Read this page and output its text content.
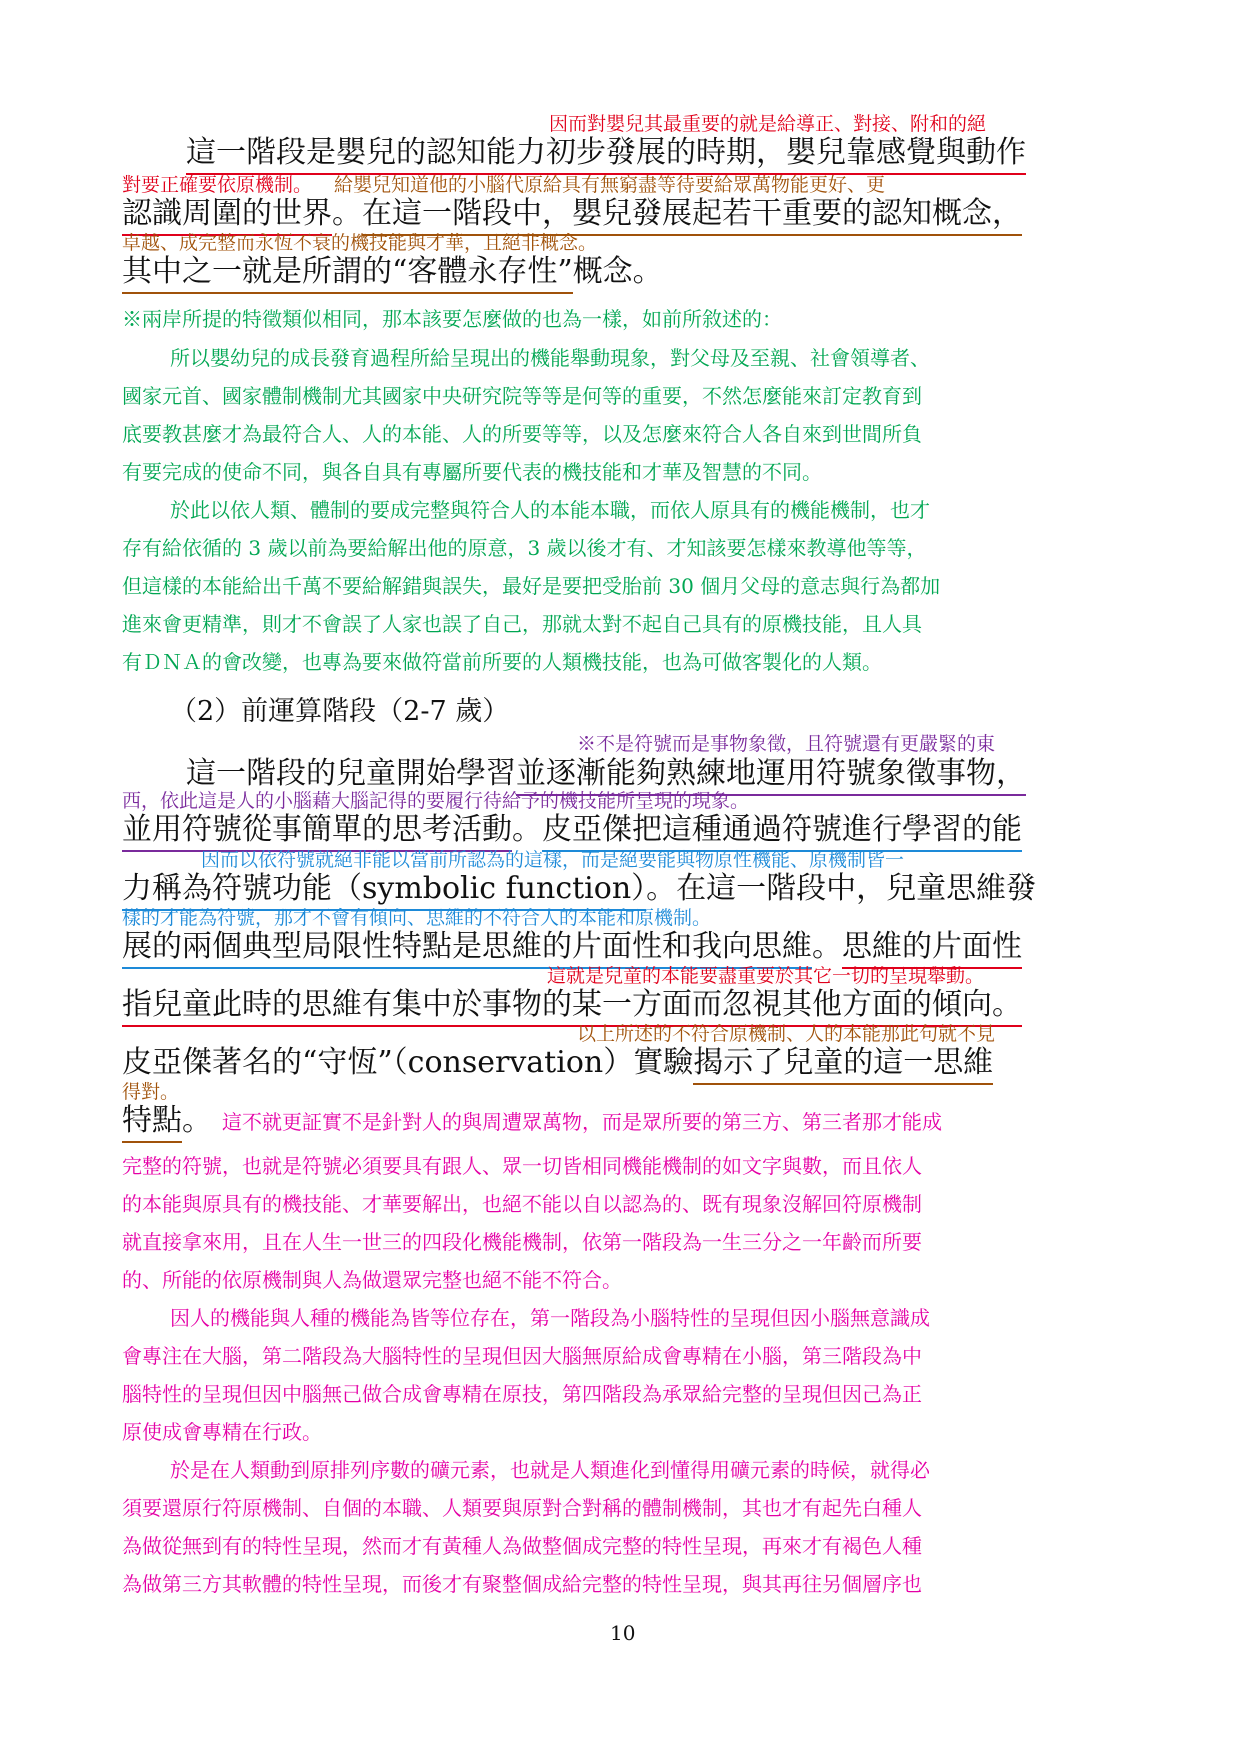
因而對嬰兒其最重要的就是給導正、對接、附和的絕
這一階段是嬰兒的認知能力初步發展的時期，嬰兒靠感覺與動作
對要正確要依原機制。 給嬰兒知道他的小腦代原給具有無窮盡等待要給眾萬物能更好、更
認識周圍的世界。在這一階段中，嬰兒發展起若干重要的認知概念，
卓越、成完整而永恆不衰的機技能與才華，且絕非概念。
其中之一就是所謂的“客體永存性”概念。
※兩岸所提的特徵類似相同，那本該要怎麼做的也為一樣，如前所敘述的：
所以嬰幼兒的成長發育過程所給呈現出的機能舉動現象，對父母及至親、社會領導者、
國家元首、國家體制機制尤其國家中央研究院等等是何等的重要，不然怎麼能來訂定教育到
底要教甚麼才為最符合人、人的本能、人的所要等等，以及怎麼來符合人各自來到世間所負
有要完成的使命不同，與各自具有專屬所要代表的機技能和才華及智慧的不同。
於此以依人類、體制的要成完整與符合人的本能本職，而依人原具有的機能機制，也才
存有給依循的 3 歲以前為要給解出他的原意，3 歲以後才有、才知該要怎樣來教導他等等，
但這樣的本能給出千萬不要給解錯與誤失，最好是要把受胎前 30 個月父母的意志與行為都加
進來會更精準，則才不會誤了人家也誤了自己，那就太對不起自己具有的原機技能，且人具
有ＤＮＡ的會改變，也專為要來做符當前所要的人類機技能，也為可做客製化的人類。
（2）前運算階段（2-7 歲）
※不是符號而是事物象徵，且符號還有更嚴緊的東
這一階段的兒童開始學習並逐漸能夠熟練地運用符號象徵事物，
西，依此這是人的小腦藉大腦記得的要履行待給予的機技能所呈現的現象。
並用符號從事簡單的思考活動。皮亞傑把這種通過符號進行學習的能
因而以依符號就絕非能以當前所認為的這樣，而是絕要能與物原性機能、原機制皆一
力稱為符號功能（symbolic function）。在這一階段中，兒童思維發
樣的才能為符號，那才不會有傾向、思維的不符合人的本能和原機制。
展的兩個典型局限性特點是思維的片面性和我向思維。思維的片面性
這就是兒童的本能要盡重要於其它一切的呈現舉動。
指兒童此時的思維有集中於事物的某一方面而忽視其他方面的傾向。
以上所述的不符合原機制、人的本能那此句就不見
皮亞傑著名的“守恆”（conservation）實驗揭示了兒童的這一思維
得對。
特點。 這不就更証實不是針對人的與周遭眾萬物，而是眾所要的第三方、第三者那才能成
完整的符號，也就是符號必須要具有跟人、眾一切皆相同機能機制的如文字與數，而且依人
的本能與原具有的機技能、才華要解出，也絕不能以自以認為的、既有現象沒解回符原機制
就直接拿來用，且在人生一世三的四段化機能機制，依第一階段為一生三分之一年齡而所要
的、所能的依原機制與人為做還眾完整也絕不能不符合。
因人的機能與人種的機能為皆等位存在，第一階段為小腦特性的呈現但因小腦無意識成
會專注在大腦，第二階段為大腦特性的呈現但因大腦無原給成會專精在小腦，第三階段為中
腦特性的呈現但因中腦無己做合成會專精在原技，第四階段為承眾給完整的呈現但因己為正
原使成會專精在行政。
於是在人類動到原排列序數的礦元素，也就是人類進化到懂得用礦元素的時候，就得必
須要還原行符原機制、自個的本職、人類要與原對合對稱的體制機制，其也才有起先白種人
為做從無到有的特性呈現，然而才有黃種人為做整個成完整的特性呈現，再來才有褐色人種
為做第三方其軟體的特性呈現，而後才有聚整個成給完整的特性呈現，與其再往另個層序也
10
